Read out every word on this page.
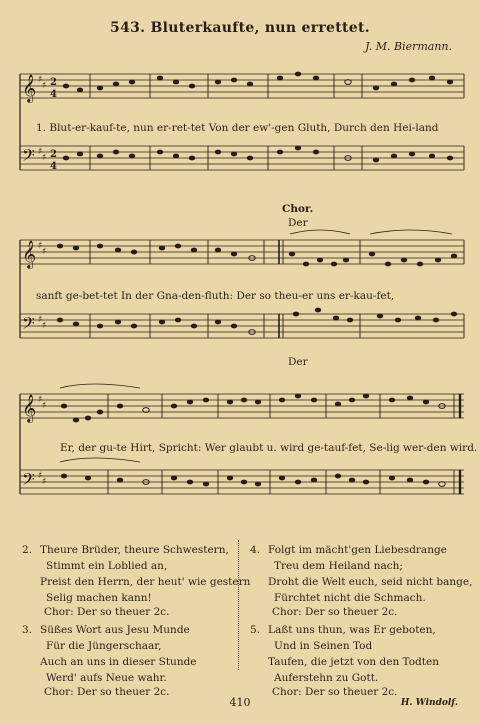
543. Bluterkaufte, nun errettet.
J. M. Biermann.
𝄞
𝄢
♯
♯
♯
♯
2
4
2
4
1. Blut-er-kauf-te, nun er-ret-tet Von der ew'-gen Gluth, Durch den Hei-land
Chor.
Der
𝄞
𝄢
♯
♯
♯
♯
sanft ge-bet-tet In der Gna-den-fluth: Der so theu-er uns er-kau-fet,
Der
𝄞
𝄢
♯
♯
♯
♯
Er, der gu-te Hirt, Spricht: Wer glaubt u. wird ge-tauf-fet, Se-lig wer-den wird.
2. Theure Brüder, theure Schwestern,
Stimmt ein Loblied an,
Preist den Herrn, der heut' wie gestern
Selig machen kann!
Chor: Der so theuer 2c.
3. Süßes Wort aus Jesu Munde
Für die Jüngerschaar,
Auch an uns in dieser Stunde
Werd' aufs Neue wahr.
Chor: Der so theuer 2c.
4. Folgt im mächt'gen Liebesdrange
Treu dem Heiland nach;
Droht die Welt euch, seid nicht bange,
Fürchtet nicht die Schmach.
Chor: Der so theuer 2c.
5. Laßt uns thun, was Er geboten,
Und in Seinen Tod
Taufen, die jetzt von den Todten
Auferstehn zu Gott.
Chor: Der so theuer 2c.
410	H. Windolf.
